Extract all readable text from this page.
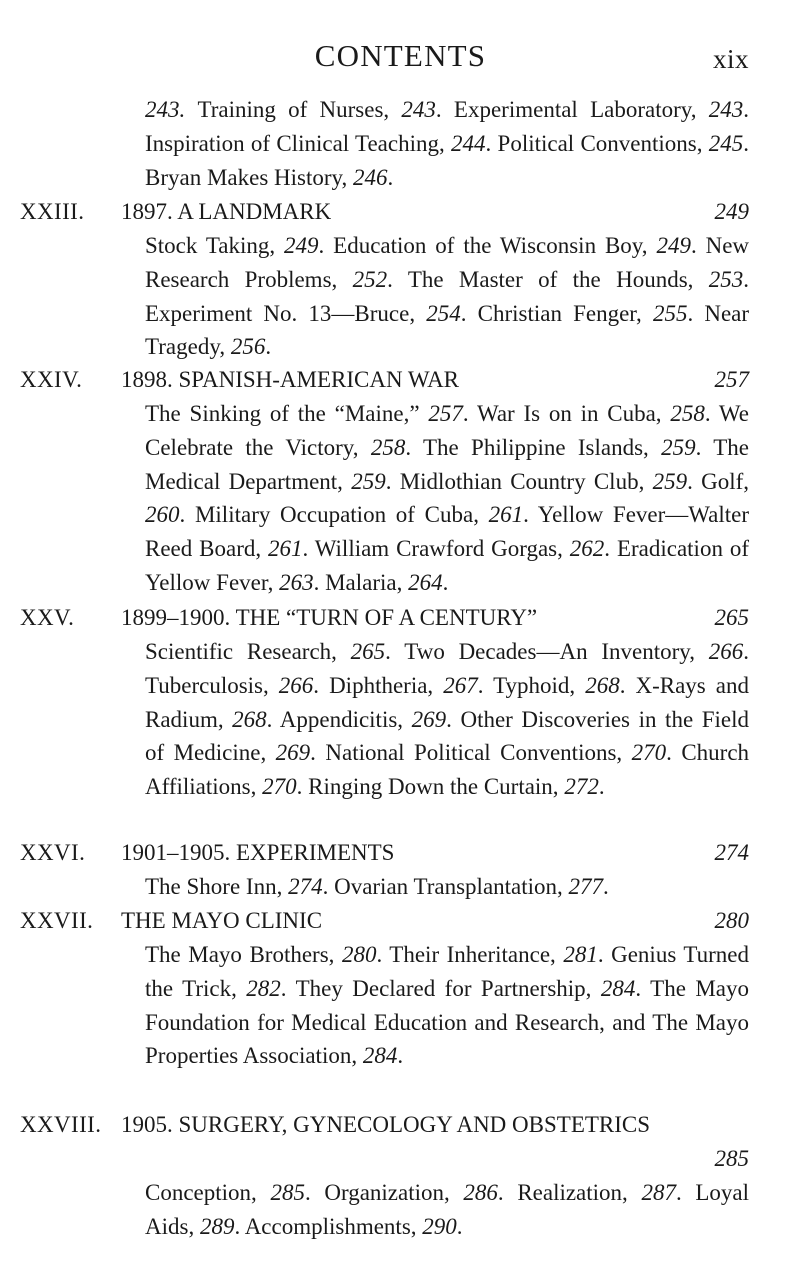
CONTENTS	xix
243. Training of Nurses, 243. Experimental Laboratory, 243. Inspiration of Clinical Teaching, 244. Political Conventions, 245. Bryan Makes History, 246.
XXIII. 1897. A LANDMARK	249
Stock Taking, 249. Education of the Wisconsin Boy, 249. New Research Problems, 252. The Master of the Hounds, 253. Experiment No. 13—Bruce, 254. Christian Fenger, 255. Near Tragedy, 256.
XXIV. 1898. SPANISH-AMERICAN WAR	257
The Sinking of the “Maine,” 257. War Is on in Cuba, 258. We Celebrate the Victory, 258. The Philippine Islands, 259. The Medical Department, 259. Midlothian Country Club, 259. Golf, 260. Military Occupation of Cuba, 261. Yellow Fever—Walter Reed Board, 261. William Crawford Gorgas, 262. Eradication of Yellow Fever, 263. Malaria, 264.
XXV. 1899–1900. THE “TURN OF A CENTURY”	265
Scientific Research, 265. Two Decades—An Inventory, 266. Tuberculosis, 266. Diphtheria, 267. Typhoid, 268. X-Rays and Radium, 268. Appendicitis, 269. Other Discoveries in the Field of Medicine, 269. National Political Conventions, 270. Church Affiliations, 270. Ringing Down the Curtain, 272.
XXVI. 1901–1905. EXPERIMENTS	274
The Shore Inn, 274. Ovarian Transplantation, 277.
XXVII. THE MAYO CLINIC	280
The Mayo Brothers, 280. Their Inheritance, 281. Genius Turned the Trick, 282. They Declared for Partnership, 284. The Mayo Foundation for Medical Education and Research, and The Mayo Properties Association, 284.
XXVIII. 1905. SURGERY, GYNECOLOGY AND OBSTETRICS
285
Conception, 285. Organization, 286. Realization, 287. Loyal Aids, 289. Accomplishments, 290.
